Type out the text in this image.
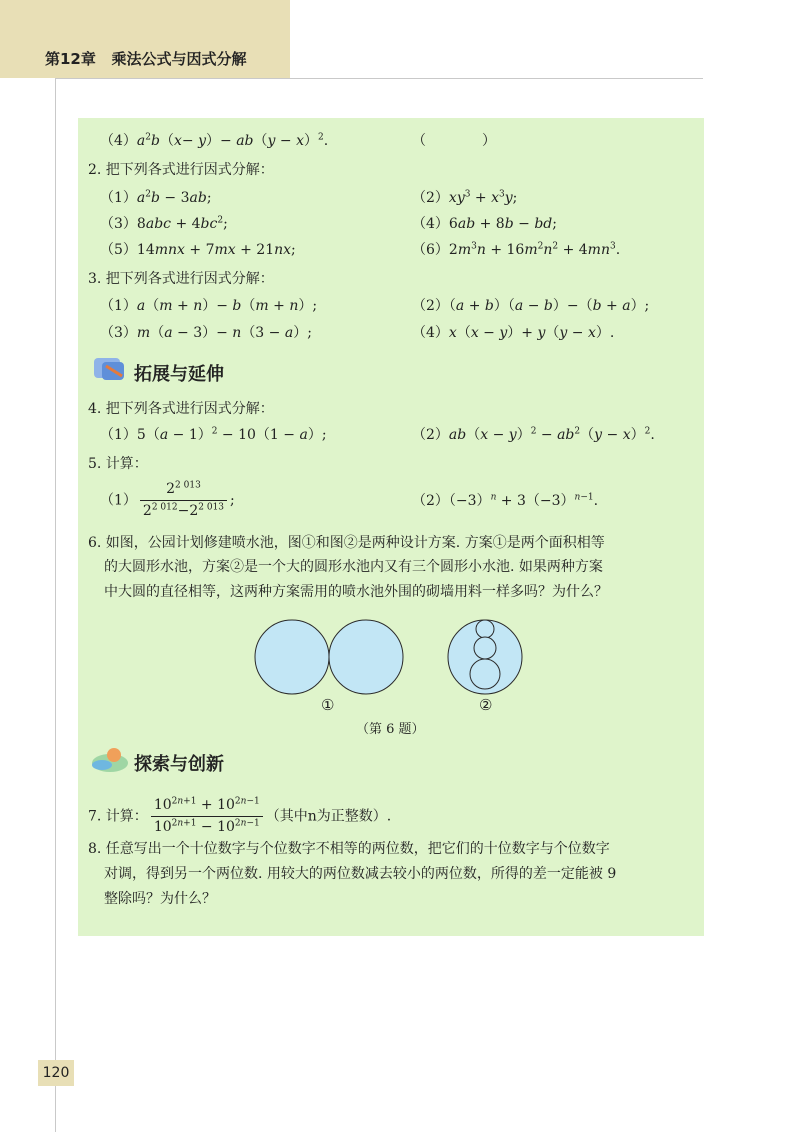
第12章 乘法公式与因式分解
$(4)a^2b(x- y)- ab(y - x)^2$.	（　　　　）
2. 把下列各式进行因式分解：
$(1)a^2b - 3ab$;	$(2)xy^3 + x^3y$;
$(3)8abc + 4bc^2$;	（4）6ab + 8b − bd;
（5）14mnx + 7mx + 21nx;	$(6)2m^3n + 16m^2n^2 + 4mn^3$.
3. 把下列各式进行因式分解：
（1）a（m + n）− b（m + n）;	（2）（a + b）（a − b）−（b + a）;
（3）m（a − 3）− n（3 − a）;	（4）x（x − y）+ y（y − x）.
拓展与延伸
4. 把下列各式进行因式分解：
$(1)5(a - 1)^2 - 10(1 - a)$;	$(2)ab(x - y)^2 - ab^2(y - x)^2$.
5. 计算：
$(1) \frac{2^{2 013}}{2^{2 012}-2^{2 013}}$ ;	$(2)(-3)^n + 3(-3)^{n-1}$.
6. 如图，公园计划修建喷水池，图①和图②是两种设计方案. 方案①是两个面积相等
的大圆形水池，方案②是一个大的圆形水池内又有三个圆形小水池. 如果两种方案
中大圆的直径相等，这两种方案需用的喷水池外围的砌墙用料一样多吗？为什么？
①	②
（第 6 题）
探索与创新
7. 计算： $\frac{10^{2n+1} + 10^{2n-1}}{10^{2n+1} - 10^{2n-1}}$ （其中n为正整数）.
8. 任意写出一个十位数字与个位数字不相等的两位数，把它们的十位数字与个位数字
对调，得到另一个两位数. 用较大的两位数减去较小的两位数，所得的差一定能被 9
整除吗？为什么？
120
